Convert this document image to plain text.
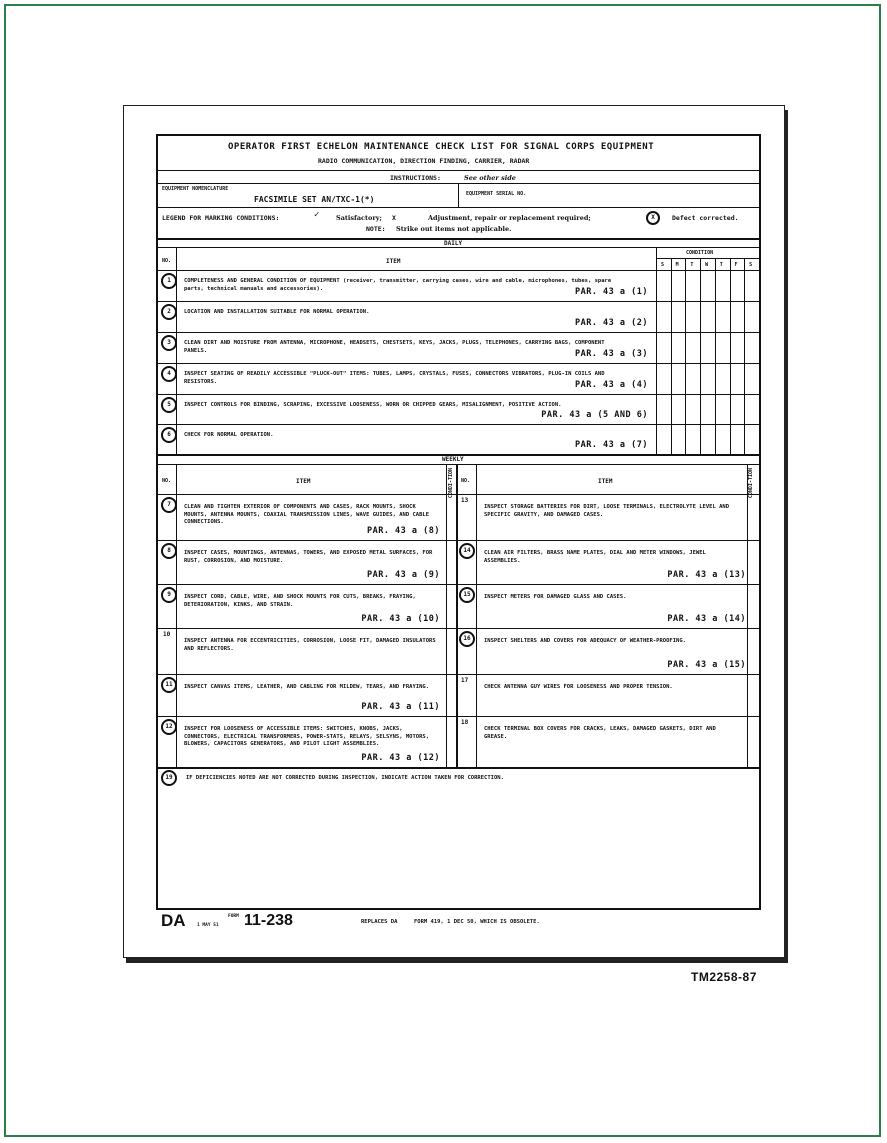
OPERATOR FIRST ECHELON MAINTENANCE CHECK LIST FOR SIGNAL CORPS EQUIPMENT
RADIO COMMUNICATION, DIRECTION FINDING, CARRIER, RADAR
INSTRUCTIONS:	See other side
EQUIPMENT NOMENCLATURE
FACSIMILE SET AN/TXC-1(*)
EQUIPMENT SERIAL NO.
LEGEND FOR MARKING CONDITIONS:	✓	Satisfactory; X	Adjustment, repair or replacement required;	X	Defect corrected.
NOTE: Strike out items not applicable.
DAILY
NO.	ITEM
CONDITION
S	M	T	W	T	F	S
1	COMPLETENESS AND GENERAL CONDITION OF EQUIPMENT (receiver, transmitter, carrying cases, wire and cable, microphones, tubes, spare parts, technical manuals and accessories).	PAR. 43 a (1)
2	LOCATION AND INSTALLATION SUITABLE FOR NORMAL OPERATION.
PAR. 43 a (2)
3	CLEAN DIRT AND MOISTURE FROM ANTENNA, MICROPHONE, HEADSETS, CHESTSETS, KEYS, JACKS, PLUGS, TELEPHONES, CARRYING BAGS, COMPONENT PANELS.	PAR. 43 a (3)
4	INSPECT SEATING OF READILY ACCESSIBLE "PLUCK-OUT" ITEMS: TUBES, LAMPS, CRYSTALS, FUSES, CONNECTORS VIBRATORS, PLUG-IN COILS AND RESISTORS.	PAR. 43 a (4)
5	INSPECT CONTROLS FOR BINDING, SCRAPING, EXCESSIVE LOOSENESS, WORN OR CHIPPED GEARS, MISALIGNMENT, POSITIVE ACTION.
PAR. 43 a (5 AND 6)
6	CHECK FOR NORMAL OPERATION.
PAR. 43 a (7)
WEEKLY
NO.	ITEM	CONDI-TION NO.	ITEM	CONDI-TION
7	CLEAN AND TIGHTEN EXTERIOR OF COMPONENTS AND CASES, RACK MOUNTS, SHOCK MOUNTS, ANTENNA MOUNTS, COAXIAL TRANSMISSION LINES, WAVE GUIDES, AND CABLE CONNECTIONS.
PAR. 43 a (8)
8	INSPECT CASES, MOUNTINGS, ANTENNAS, TOWERS, AND EXPOSED METAL SURFACES, FOR RUST, CORROSION, AND MOISTURE.
PAR. 43 a (9)
9	INSPECT CORD, CABLE, WIRE, AND SHOCK MOUNTS FOR CUTS, BREAKS, FRAYING, DETERIORATION, KINKS, AND STRAIN.
PAR. 43 a (10)
10
INSPECT ANTENNA FOR ECCENTRICITIES, CORROSION, LOOSE FIT, DAMAGED INSULATORS AND REFLECTORS.
11	INSPECT CANVAS ITEMS, LEATHER, AND CABLING FOR MILDEW, TEARS, AND FRAYING.
PAR. 43 a (11)
12	INSPECT FOR LOOSENESS OF ACCESSIBLE ITEMS: SWITCHES, KNOBS, JACKS, CONNECTORS, ELECTRICAL TRANSFORMERS, POWER-STATS, RELAYS, SELSYNS, MOTORS, BLOWERS, CAPACITORS GENERATORS, AND PILOT LIGHT ASSEMBLIES.
PAR. 43 a (12)
13
INSPECT STORAGE BATTERIES FOR DIRT, LOOSE TERMINALS, ELECTROLYTE LEVEL AND SPECIFIC GRAVITY, AND DAMAGED CASES.
14	CLEAN AIR FILTERS, BRASS NAME PLATES, DIAL AND METER WINDOWS, JEWEL ASSEMBLIES.
PAR. 43 a (13)
15	INSPECT METERS FOR DAMAGED GLASS AND CASES.
PAR. 43 a (14)
16	INSPECT SHELTERS AND COVERS FOR ADEQUACY OF WEATHER-PROOFING.
PAR. 43 a (15)
17
CHECK ANTENNA GUY WIRES FOR LOOSENESS AND PROPER TENSION.
18
CHECK TERMINAL BOX COVERS FOR CRACKS, LEAKS, DAMAGED GASKETS, DIRT AND GREASE.
19	IF DEFICIENCIES NOTED ARE NOT CORRECTED DURING INSPECTION, INDICATE ACTION TAKEN FOR CORRECTION.
DA	1 MAY 51
FORM 11-238	REPLACES DA     FORM 419, 1 DEC 50, WHICH IS OBSOLETE.
TM2258-87
